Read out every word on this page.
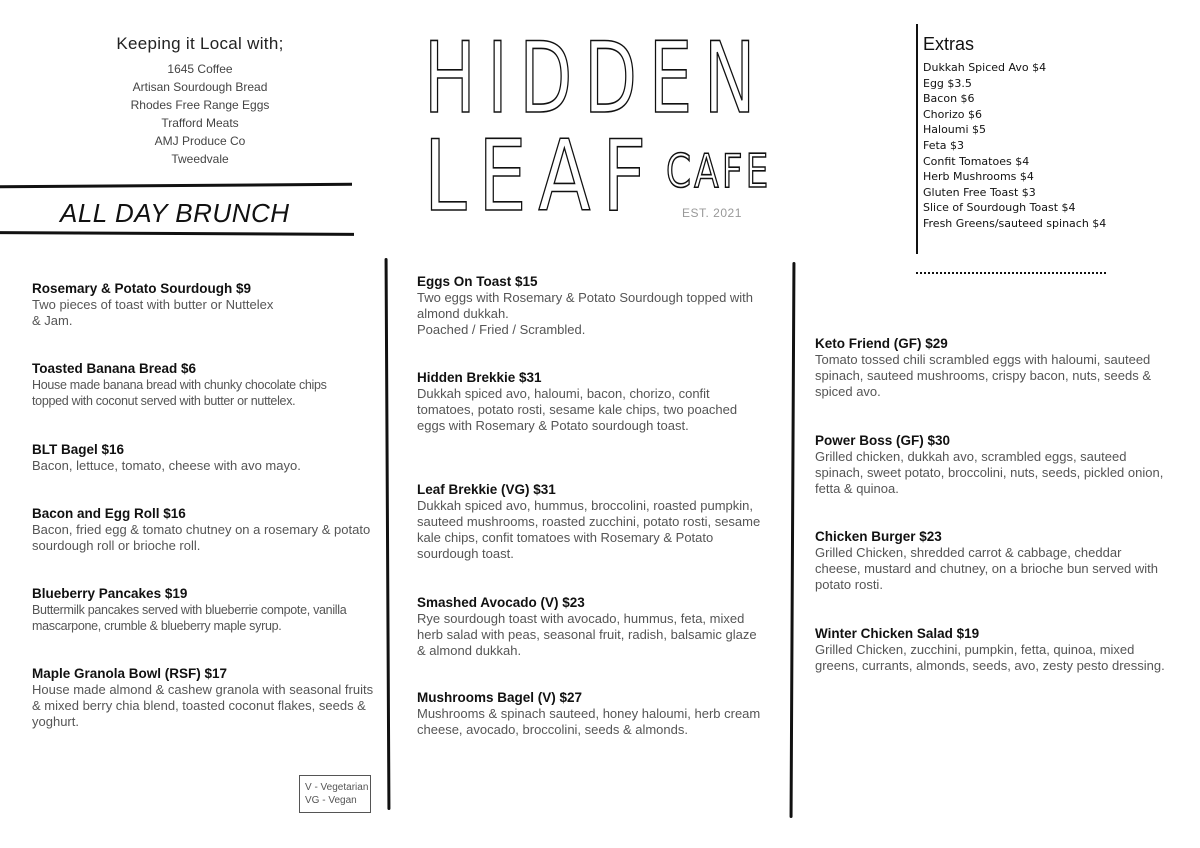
Keeping it Local with;
1645 Coffee
Artisan Sourdough Bread
Rhodes Free Range Eggs
Trafford Meats
AMJ Produce Co
Tweedvale
HIDDEN
LEAF CAFE
EST. 2021
Extras
Dukkah Spiced Avo $4
Egg $3.5
Bacon $6
Chorizo $6
Haloumi $5
Feta $3
Confit Tomatoes $4
Herb Mushrooms $4
Gluten Free Toast $3
Slice of Sourdough Toast $4
Fresh Greens/sauteed spinach $4
ALL DAY BRUNCH
Rosemary & Potato Sourdough $9
Two pieces of toast with butter or Nuttelex
& Jam.
Toasted Banana Bread $6
House made banana bread with chunky chocolate chips topped with coconut served with butter or nuttelex.
BLT Bagel $16
Bacon, lettuce, tomato, cheese with avo mayo.
Bacon and Egg Roll $16
Bacon, fried egg & tomato chutney on a rosemary & potato sourdough roll or brioche roll.
Blueberry Pancakes $19
Buttermilk pancakes served with blueberrie compote, vanilla mascarpone, crumble & blueberry maple syrup.
Maple Granola Bowl (RSF) $17
House made almond & cashew granola with seasonal fruits & mixed berry chia blend, toasted coconut flakes, seeds & yoghurt.
Eggs On Toast $15
Two eggs with Rosemary & Potato Sourdough topped with almond dukkah.
Poached / Fried / Scrambled.
Hidden Brekkie $31
Dukkah spiced avo, haloumi, bacon, chorizo, confit tomatoes, potato rosti, sesame kale chips, two poached eggs with Rosemary & Potato sourdough toast.
Leaf Brekkie (VG) $31
Dukkah spiced avo, hummus, broccolini, roasted pumpkin, sauteed mushrooms, roasted zucchini, potato rosti, sesame kale chips, confit tomatoes with Rosemary & Potato sourdough toast.
Smashed Avocado (V) $23
Rye sourdough toast with avocado, hummus, feta, mixed herb salad with peas, seasonal fruit, radish, balsamic glaze & almond dukkah.
Mushrooms Bagel (V) $27
Mushrooms & spinach sauteed, honey haloumi, herb cream cheese, avocado, broccolini, seeds & almonds.
Keto Friend (GF) $29
Tomato tossed chili scrambled eggs with haloumi, sauteed spinach, sauteed mushrooms, crispy bacon, nuts, seeds & spiced avo.
Power Boss (GF) $30
Grilled chicken, dukkah avo, scrambled eggs, sauteed spinach, sweet potato, broccolini, nuts, seeds, pickled onion, fetta & quinoa.
Chicken Burger $23
Grilled Chicken, shredded carrot & cabbage, cheddar cheese, mustard and chutney, on a brioche bun served with potato rosti.
Winter Chicken Salad $19
Grilled Chicken, zucchini, pumpkin, fetta, quinoa, mixed greens, currants, almonds, seeds, avo, zesty pesto dressing.
V - Vegetarian
VG - Vegan
